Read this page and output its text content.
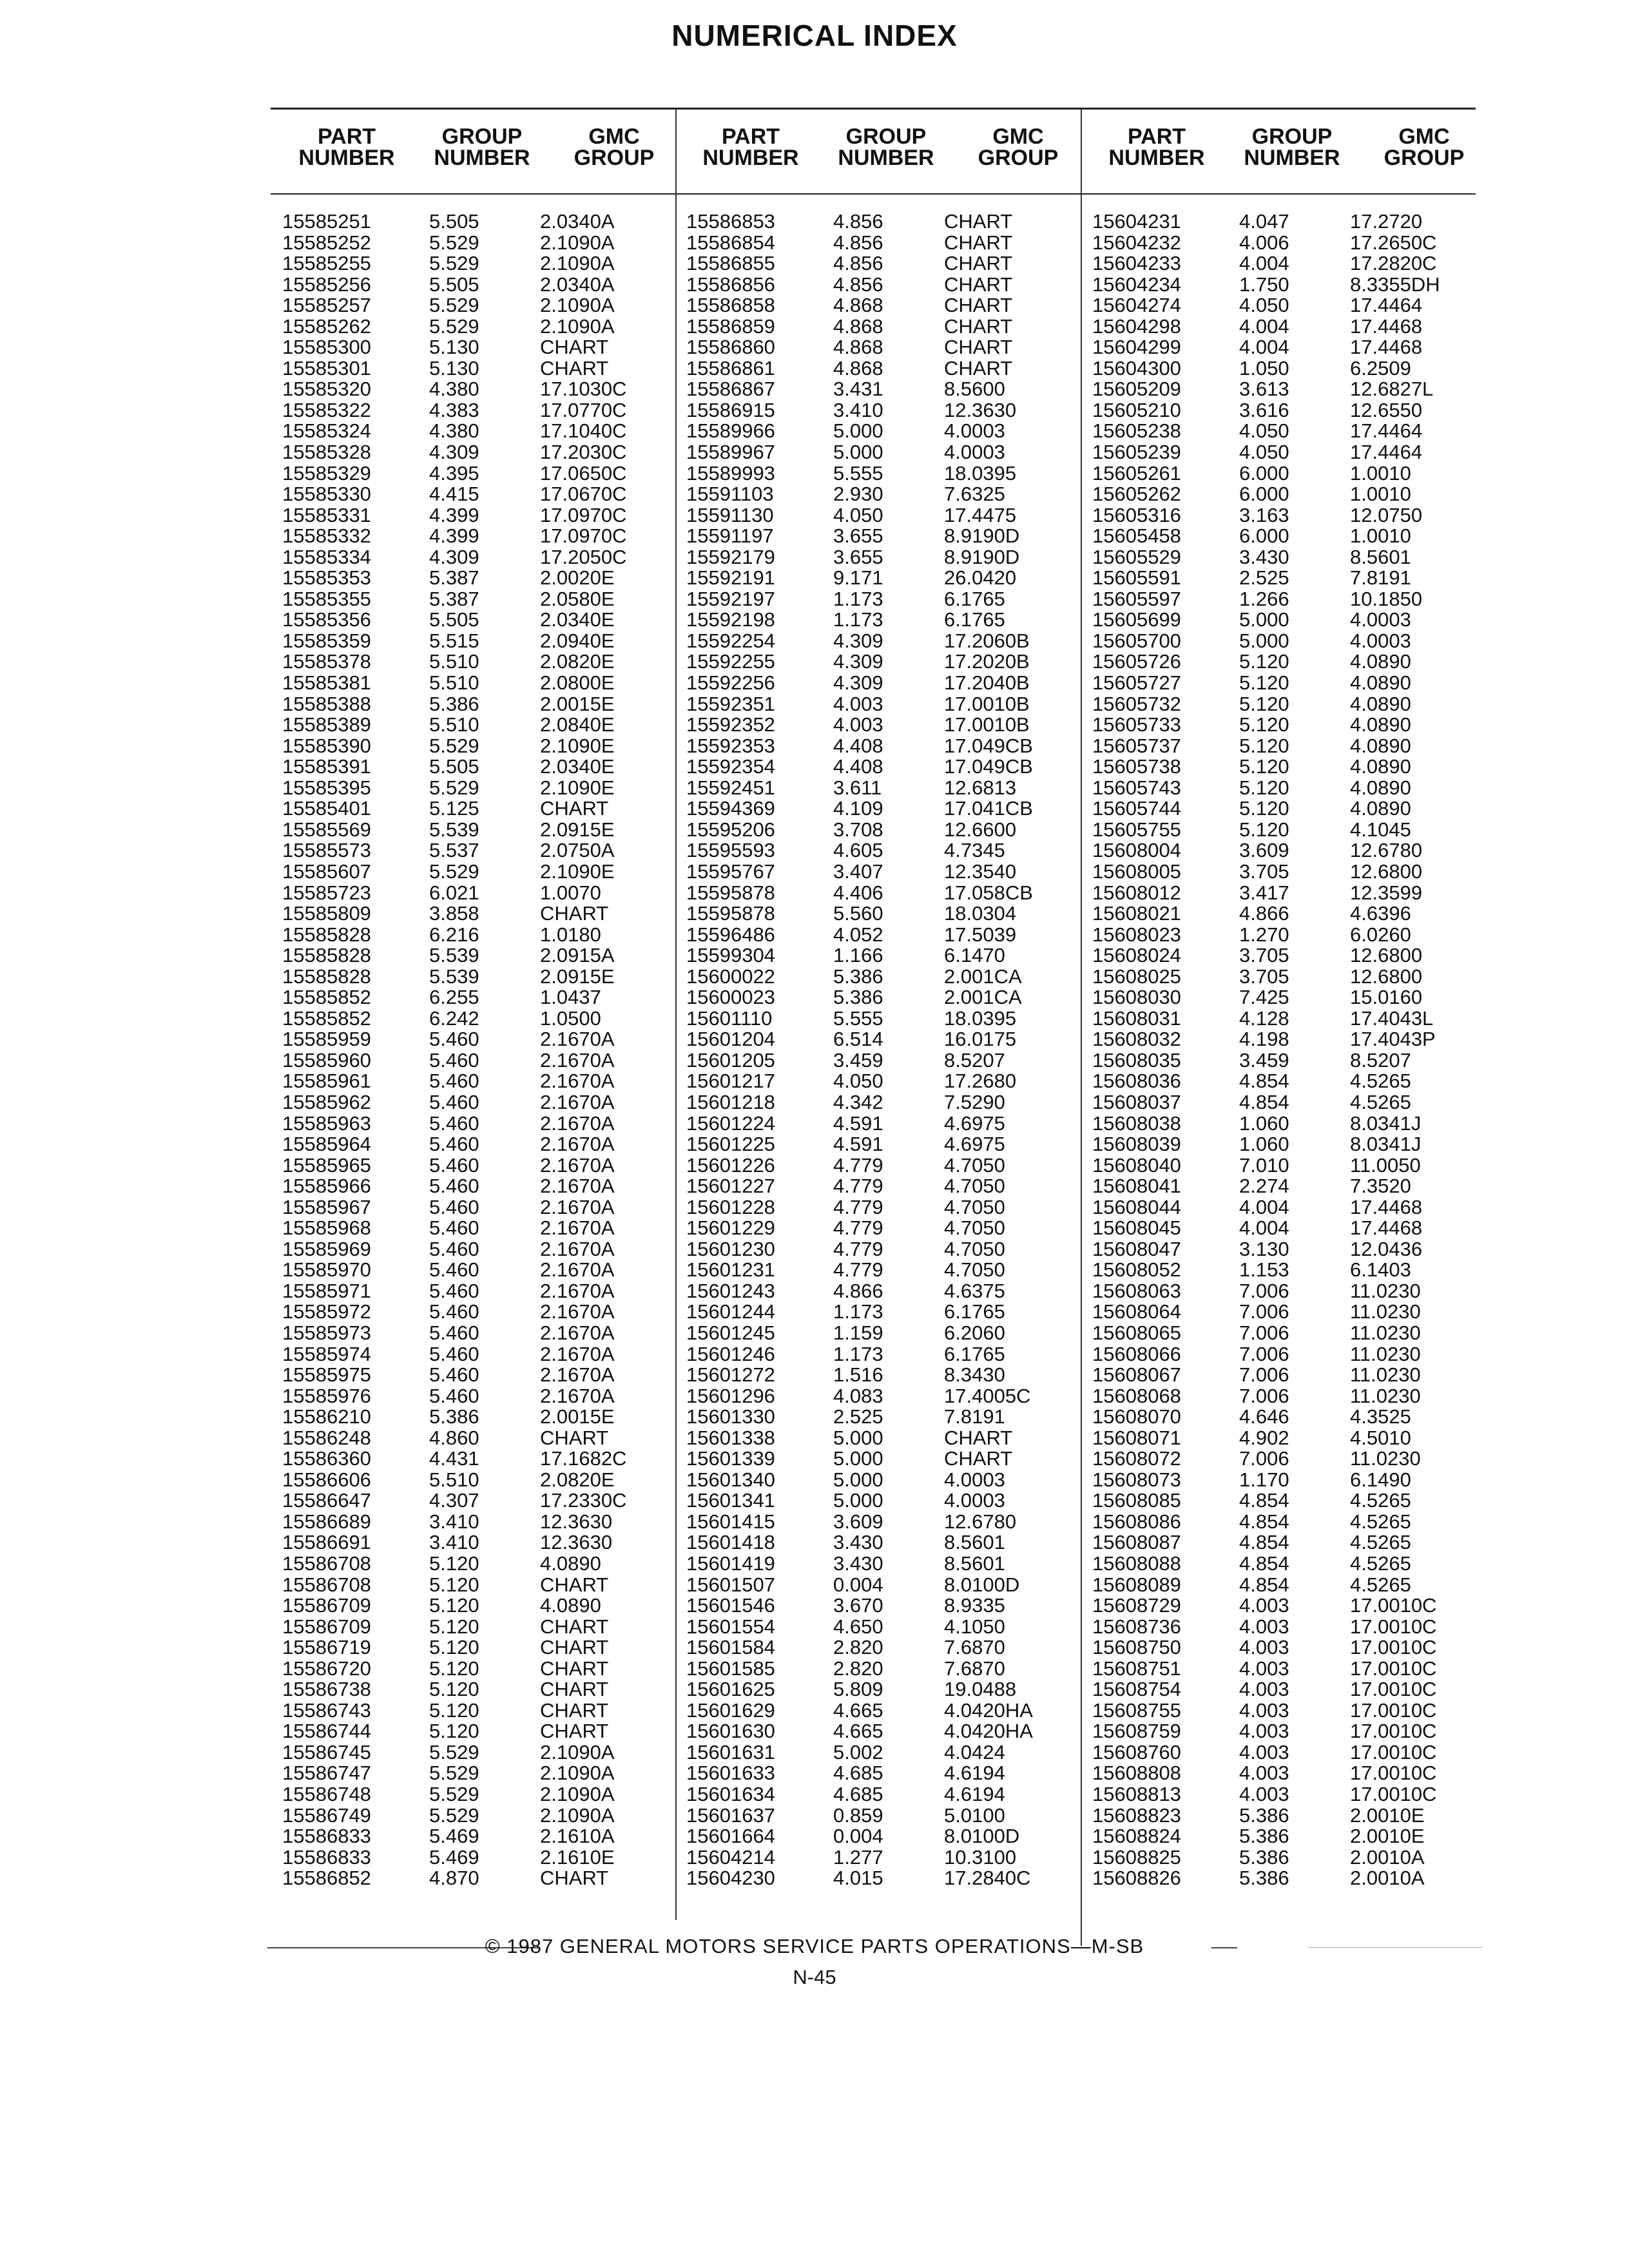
NUMERICAL INDEX
PART
NUMBER
GROUP
NUMBER
GMC
GROUP
15585251	5.505	2.0340A
15585252	5.529	2.1090A
15585255	5.529	2.1090A
15585256	5.505	2.0340A
15585257	5.529	2.1090A
15585262	5.529	2.1090A
15585300	5.130	CHART
15585301	5.130	CHART
15585320	4.380	17.1030C
15585322	4.383	17.0770C
15585324	4.380	17.1040C
15585328	4.309	17.2030C
15585329	4.395	17.0650C
15585330	4.415	17.0670C
15585331	4.399	17.0970C
15585332	4.399	17.0970C
15585334	4.309	17.2050C
15585353	5.387	2.0020E
15585355	5.387	2.0580E
15585356	5.505	2.0340E
15585359	5.515	2.0940E
15585378	5.510	2.0820E
15585381	5.510	2.0800E
15585388	5.386	2.0015E
15585389	5.510	2.0840E
15585390	5.529	2.1090E
15585391	5.505	2.0340E
15585395	5.529	2.1090E
15585401	5.125	CHART
15585569	5.539	2.0915E
15585573	5.537	2.0750A
15585607	5.529	2.1090E
15585723	6.021	1.0070
15585809	3.858	CHART
15585828	6.216	1.0180
15585828	5.539	2.0915A
15585828	5.539	2.0915E
15585852	6.255	1.0437
15585852	6.242	1.0500
15585959	5.460	2.1670A
15585960	5.460	2.1670A
15585961	5.460	2.1670A
15585962	5.460	2.1670A
15585963	5.460	2.1670A
15585964	5.460	2.1670A
15585965	5.460	2.1670A
15585966	5.460	2.1670A
15585967	5.460	2.1670A
15585968	5.460	2.1670A
15585969	5.460	2.1670A
15585970	5.460	2.1670A
15585971	5.460	2.1670A
15585972	5.460	2.1670A
15585973	5.460	2.1670A
15585974	5.460	2.1670A
15585975	5.460	2.1670A
15585976	5.460	2.1670A
15586210	5.386	2.0015E
15586248	4.860	CHART
15586360	4.431	17.1682C
15586606	5.510	2.0820E
15586647	4.307	17.2330C
15586689	3.410	12.3630
15586691	3.410	12.3630
15586708	5.120	4.0890
15586708	5.120	CHART
15586709	5.120	4.0890
15586709	5.120	CHART
15586719	5.120	CHART
15586720	5.120	CHART
15586738	5.120	CHART
15586743	5.120	CHART
15586744	5.120	CHART
15586745	5.529	2.1090A
15586747	5.529	2.1090A
15586748	5.529	2.1090A
15586749	5.529	2.1090A
15586833	5.469	2.1610A
15586833	5.469	2.1610E
15586852	4.870	CHART
PART
NUMBER
GROUP
NUMBER
GMC
GROUP
15586853	4.856	CHART
15586854	4.856	CHART
15586855	4.856	CHART
15586856	4.856	CHART
15586858	4.868	CHART
15586859	4.868	CHART
15586860	4.868	CHART
15586861	4.868	CHART
15586867	3.431	8.5600
15586915	3.410	12.3630
15589966	5.000	4.0003
15589967	5.000	4.0003
15589993	5.555	18.0395
15591103	2.930	7.6325
15591130	4.050	17.4475
15591197	3.655	8.9190D
15592179	3.655	8.9190D
15592191	9.171	26.0420
15592197	1.173	6.1765
15592198	1.173	6.1765
15592254	4.309	17.2060B
15592255	4.309	17.2020B
15592256	4.309	17.2040B
15592351	4.003	17.0010B
15592352	4.003	17.0010B
15592353	4.408	17.049CB
15592354	4.408	17.049CB
15592451	3.611	12.6813
15594369	4.109	17.041CB
15595206	3.708	12.6600
15595593	4.605	4.7345
15595767	3.407	12.3540
15595878	4.406	17.058CB
15595878	5.560	18.0304
15596486	4.052	17.5039
15599304	1.166	6.1470
15600022	5.386	2.001CA
15600023	5.386	2.001CA
15601110	5.555	18.0395
15601204	6.514	16.0175
15601205	3.459	8.5207
15601217	4.050	17.2680
15601218	4.342	7.5290
15601224	4.591	4.6975
15601225	4.591	4.6975
15601226	4.779	4.7050
15601227	4.779	4.7050
15601228	4.779	4.7050
15601229	4.779	4.7050
15601230	4.779	4.7050
15601231	4.779	4.7050
15601243	4.866	4.6375
15601244	1.173	6.1765
15601245	1.159	6.2060
15601246	1.173	6.1765
15601272	1.516	8.3430
15601296	4.083	17.4005C
15601330	2.525	7.8191
15601338	5.000	CHART
15601339	5.000	CHART
15601340	5.000	4.0003
15601341	5.000	4.0003
15601415	3.609	12.6780
15601418	3.430	8.5601
15601419	3.430	8.5601
15601507	0.004	8.0100D
15601546	3.670	8.9335
15601554	4.650	4.1050
15601584	2.820	7.6870
15601585	2.820	7.6870
15601625	5.809	19.0488
15601629	4.665	4.0420HA
15601630	4.665	4.0420HA
15601631	5.002	4.0424
15601633	4.685	4.6194
15601634	4.685	4.6194
15601637	0.859	5.0100
15601664	0.004	8.0100D
15604214	1.277	10.3100
15604230	4.015	17.2840C
PART
NUMBER
GROUP
NUMBER
GMC
GROUP
15604231	4.047	17.2720
15604232	4.006	17.2650C
15604233	4.004	17.2820C
15604234	1.750	8.3355DH
15604274	4.050	17.4464
15604298	4.004	17.4468
15604299	4.004	17.4468
15604300	1.050	6.2509
15605209	3.613	12.6827L
15605210	3.616	12.6550
15605238	4.050	17.4464
15605239	4.050	17.4464
15605261	6.000	1.0010
15605262	6.000	1.0010
15605316	3.163	12.0750
15605458	6.000	1.0010
15605529	3.430	8.5601
15605591	2.525	7.8191
15605597	1.266	10.1850
15605699	5.000	4.0003
15605700	5.000	4.0003
15605726	5.120	4.0890
15605727	5.120	4.0890
15605732	5.120	4.0890
15605733	5.120	4.0890
15605737	5.120	4.0890
15605738	5.120	4.0890
15605743	5.120	4.0890
15605744	5.120	4.0890
15605755	5.120	4.1045
15608004	3.609	12.6780
15608005	3.705	12.6800
15608012	3.417	12.3599
15608021	4.866	4.6396
15608023	1.270	6.0260
15608024	3.705	12.6800
15608025	3.705	12.6800
15608030	7.425	15.0160
15608031	4.128	17.4043L
15608032	4.198	17.4043P
15608035	3.459	8.5207
15608036	4.854	4.5265
15608037	4.854	4.5265
15608038	1.060	8.0341J
15608039	1.060	8.0341J
15608040	7.010	11.0050
15608041	2.274	7.3520
15608044	4.004	17.4468
15608045	4.004	17.4468
15608047	3.130	12.0436
15608052	1.153	6.1403
15608063	7.006	11.0230
15608064	7.006	11.0230
15608065	7.006	11.0230
15608066	7.006	11.0230
15608067	7.006	11.0230
15608068	7.006	11.0230
15608070	4.646	4.3525
15608071	4.902	4.5010
15608072	7.006	11.0230
15608073	1.170	6.1490
15608085	4.854	4.5265
15608086	4.854	4.5265
15608087	4.854	4.5265
15608088	4.854	4.5265
15608089	4.854	4.5265
15608729	4.003	17.0010C
15608736	4.003	17.0010C
15608750	4.003	17.0010C
15608751	4.003	17.0010C
15608754	4.003	17.0010C
15608755	4.003	17.0010C
15608759	4.003	17.0010C
15608760	4.003	17.0010C
15608808	4.003	17.0010C
15608813	4.003	17.0010C
15608823	5.386	2.0010E
15608824	5.386	2.0010E
15608825	5.386	2.0010A
15608826	5.386	2.0010A
© 1987 GENERAL MOTORS SERVICE PARTS OPERATIONS—M-SB
N-45
